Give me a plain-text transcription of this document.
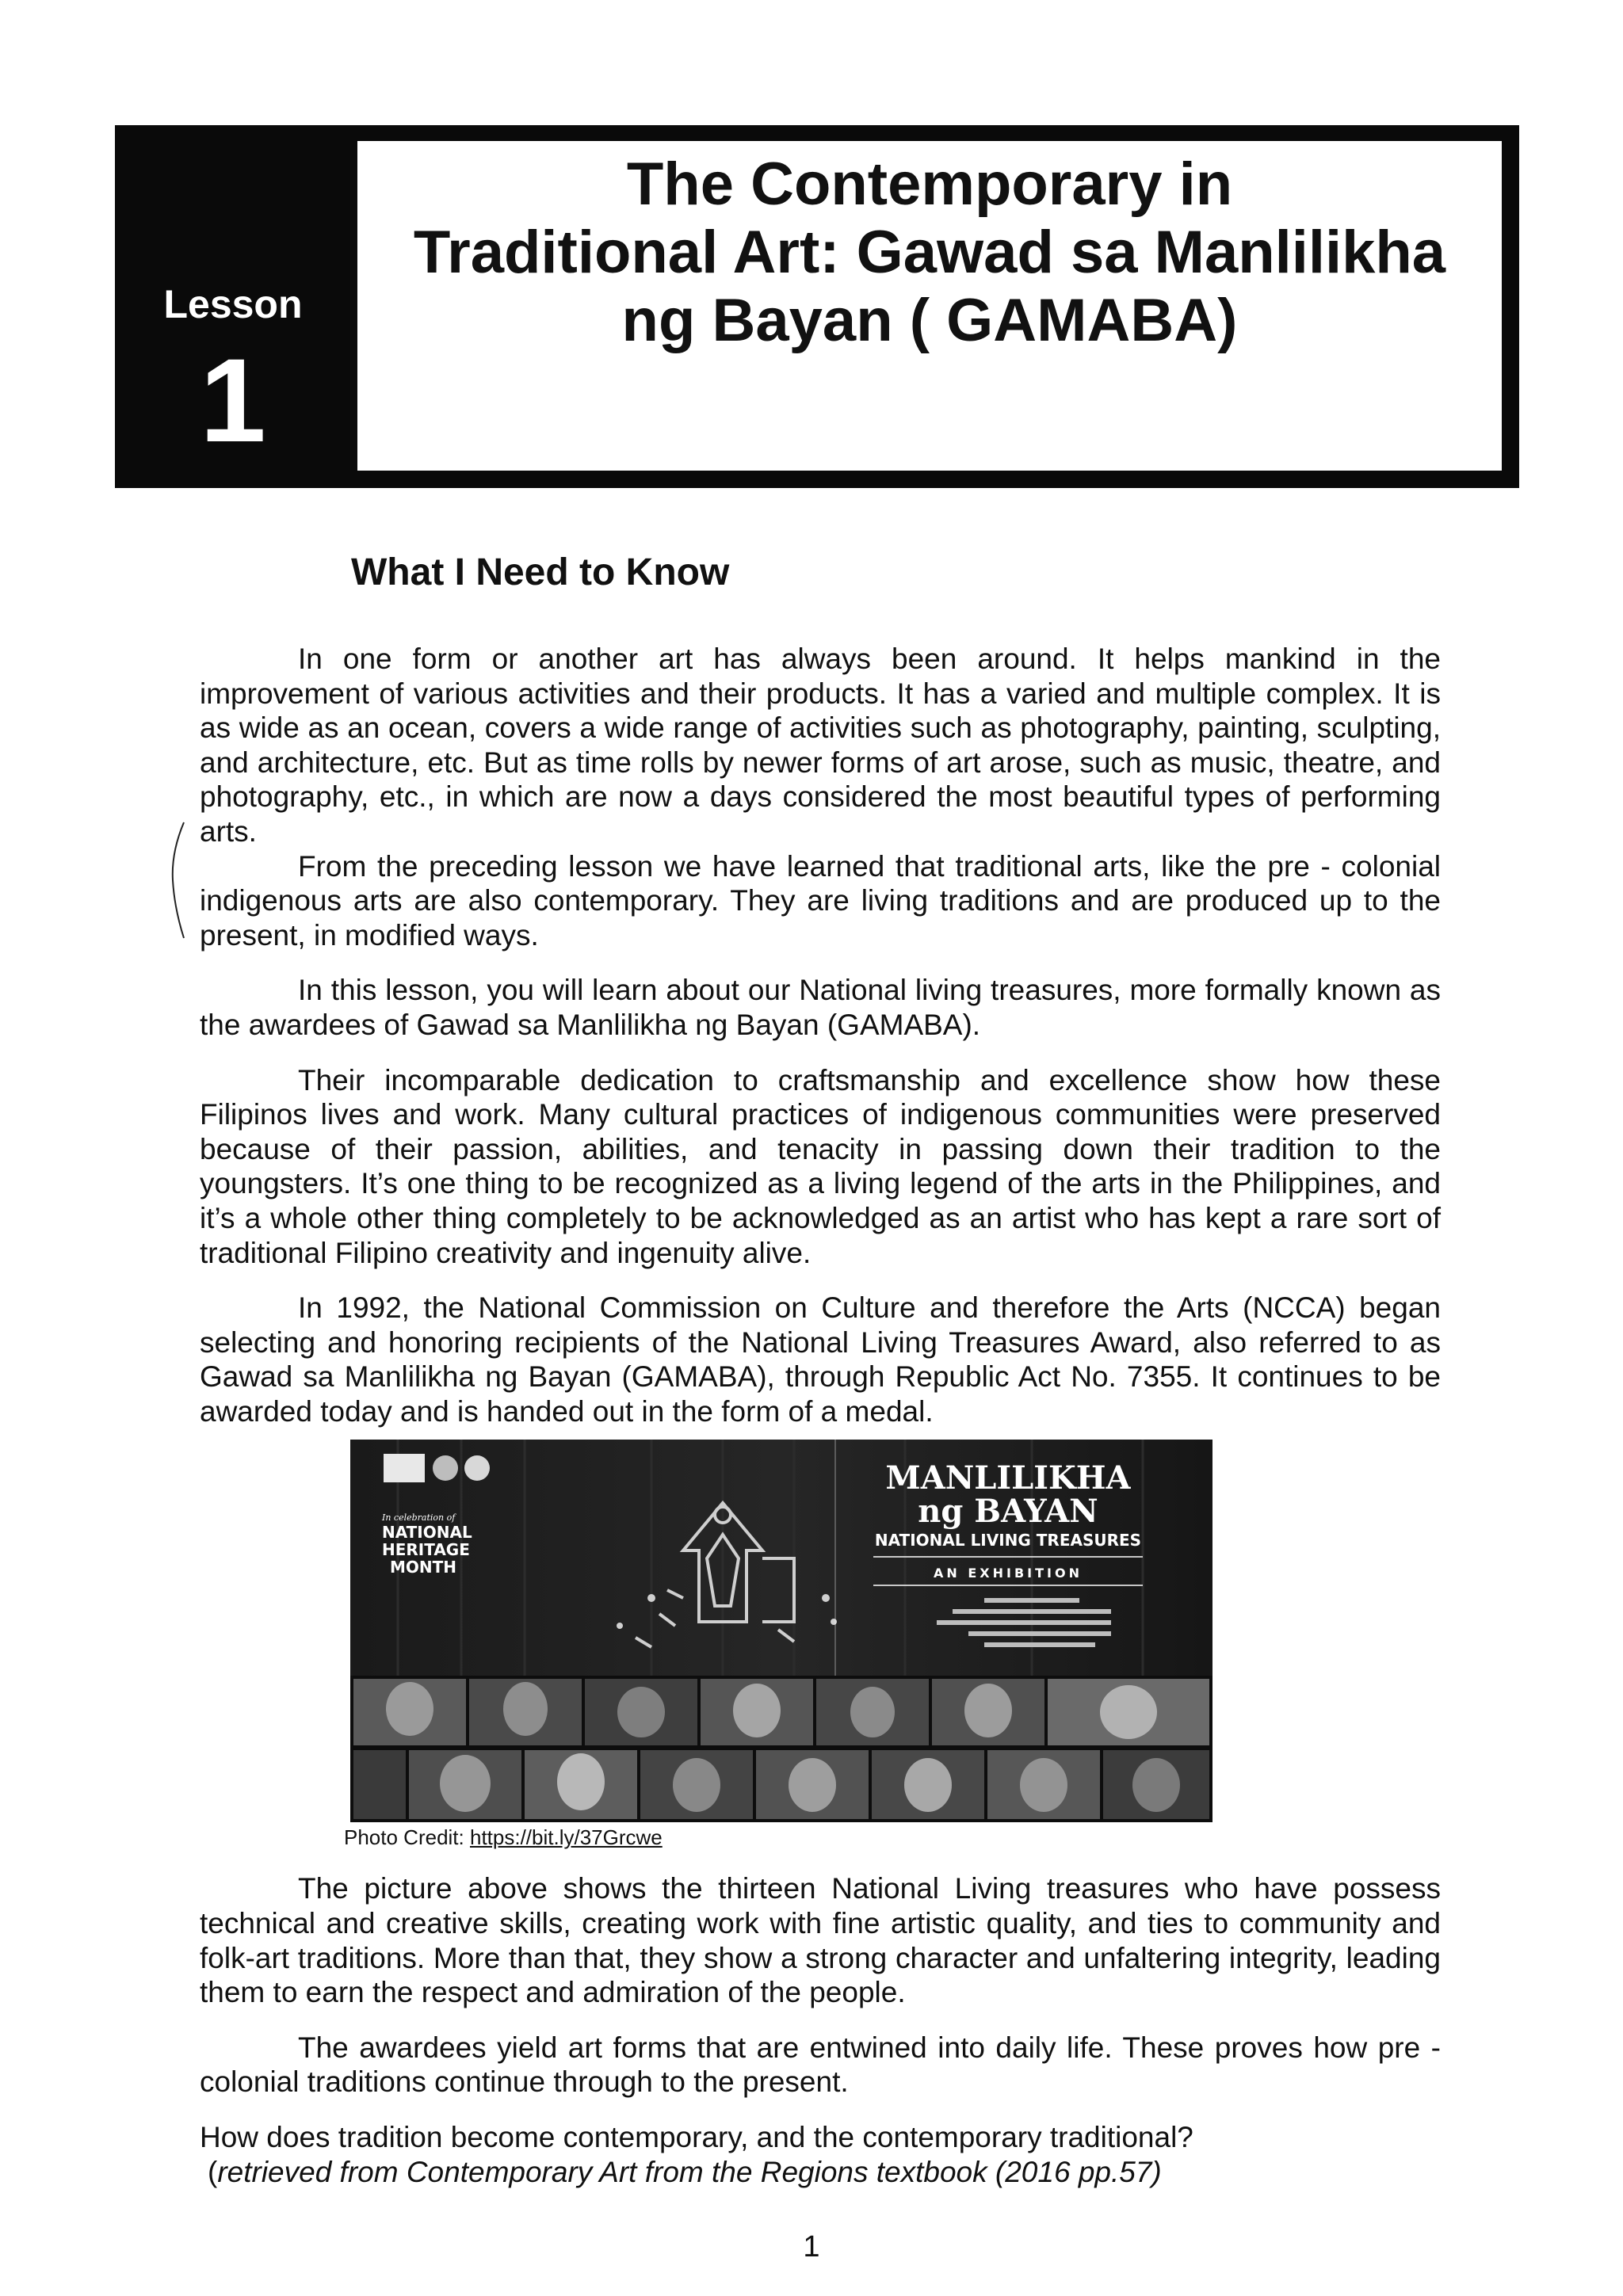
Lesson
1
The Contemporary in
Traditional Art: Gawad sa Manlilikha
ng Bayan ( GAMABA)
What I Need to Know

In one form or another art has always been around. It helps mankind in the improvement of various activities and their products. It has a varied and multiple complex. It is as wide as an ocean, covers a wide range of activities such as photography, painting, sculpting, and architecture, etc. But as time rolls by newer forms of art arose, such as music, theatre, and photography, etc., in which are now a days considered the most beautiful types of performing arts.

From the preceding lesson we have learned that traditional arts, like the pre - colonial indigenous arts are also contemporary. They are living traditions and are produced up to the present, in modified ways.

In this lesson, you will learn about our National living treasures, more formally known as the awardees of Gawad sa Manlilikha ng Bayan (GAMABA).

Their incomparable dedication to craftsmanship and excellence show how these Filipinos lives and work. Many cultural practices of indigenous communities were preserved because of their passion, abilities, and tenacity in passing down their tradition to the youngsters. It’s one thing to be recognized as a living legend of the arts in the Philippines, and it’s a whole other thing completely to be acknowledged as an artist who has kept a rare sort of traditional Filipino creativity and ingenuity alive.

In 1992, the National Commission on Culture and therefore the Arts (NCCA) began selecting and honoring recipients of the National Living Treasures Award, also referred to as Gawad sa Manlilikha ng Bayan (GAMABA), through Republic Act No. 7355. It continues to be awarded today and is handed out in the form of a medal.

In celebration of
NATIONAL
HERITAGE
MONTH
MANLILIKHA
ng BAYAN
NATIONAL LIVING TREASURES
AN EXHIBITION
Photo Credit: https://bit.ly/37Grcwe

The picture above shows the thirteen National Living treasures who have possess technical and creative skills, creating work with fine artistic quality, and ties to community and folk-art traditions. More than that, they show a strong character and unfaltering integrity, leading them to earn the respect and admiration of the people.

The awardees yield art forms that are entwined into daily life. These proves how pre - colonial traditions continue through to the present.

How does tradition become contemporary, and the contemporary traditional?

(retrieved from Contemporary Art from the Regions textbook (2016 pp.57)

1
